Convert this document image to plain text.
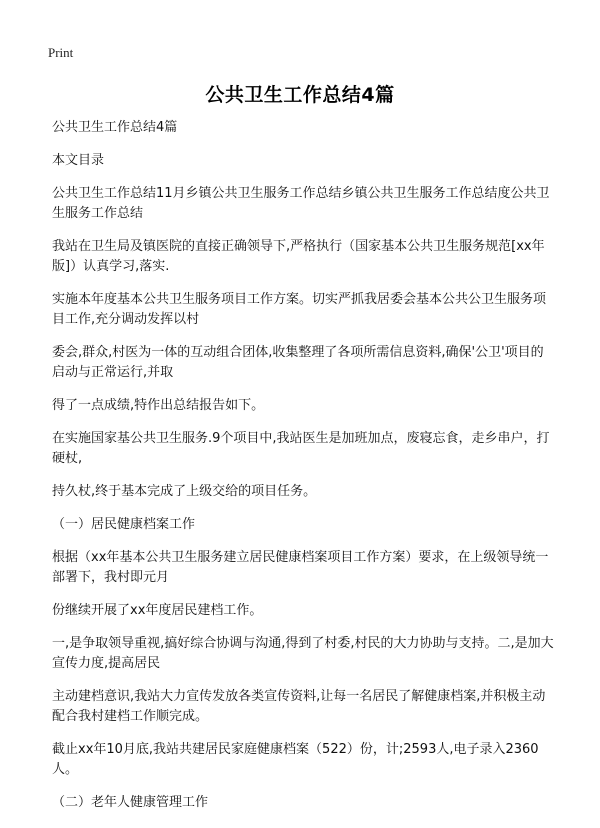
Print
公共卫生工作总结4篇

公共卫生工作总结4篇

本文目录

公共卫生工作总结11月乡镇公共卫生服务工作总结乡镇公共卫生服务工作总结度公共卫生服务工作总结

我站在卫生局及镇医院的直接正确领导下,严格执行（国家基本公共卫生服务规范[xx年版]）认真学习,落实.

实施本年度基本公共卫生服务项目工作方案。切实严抓我居委会基本公共公卫生服务项目工作,充分调动发挥以村

委会,群众,村医为一体的互动组合团体,收集整理了各项所需信息资料,确保'公卫'项目的启动与正常运行,并取

得了一点成绩,特作出总结报告如下。

在实施国家基公共卫生服务.9个项目中,我站医生是加班加点，废寝忘食，走乡串户，打硬杖,

持久杖,终于基本完成了上级交给的项目任务。

（一）居民健康档案工作

根据（xx年基本公共卫生服务建立居民健康档案项目工作方案）要求，在上级领导统一部署下，我村即元月

份继续开展了xx年度居民建档工作。

一,是争取领导重视,搞好综合协调与沟通,得到了村委,村民的大力协助与支持。二,是加大宣传力度,提高居民

主动建档意识,我站大力宣传发放各类宣传资料,让每一名居民了解健康档案,并积极主动配合我村建档工作顺完成。

截止xx年10月底,我站共建居民家庭健康档案（522）份，计;2593人,电子录入2360人。

（二）老年人健康管理工作
